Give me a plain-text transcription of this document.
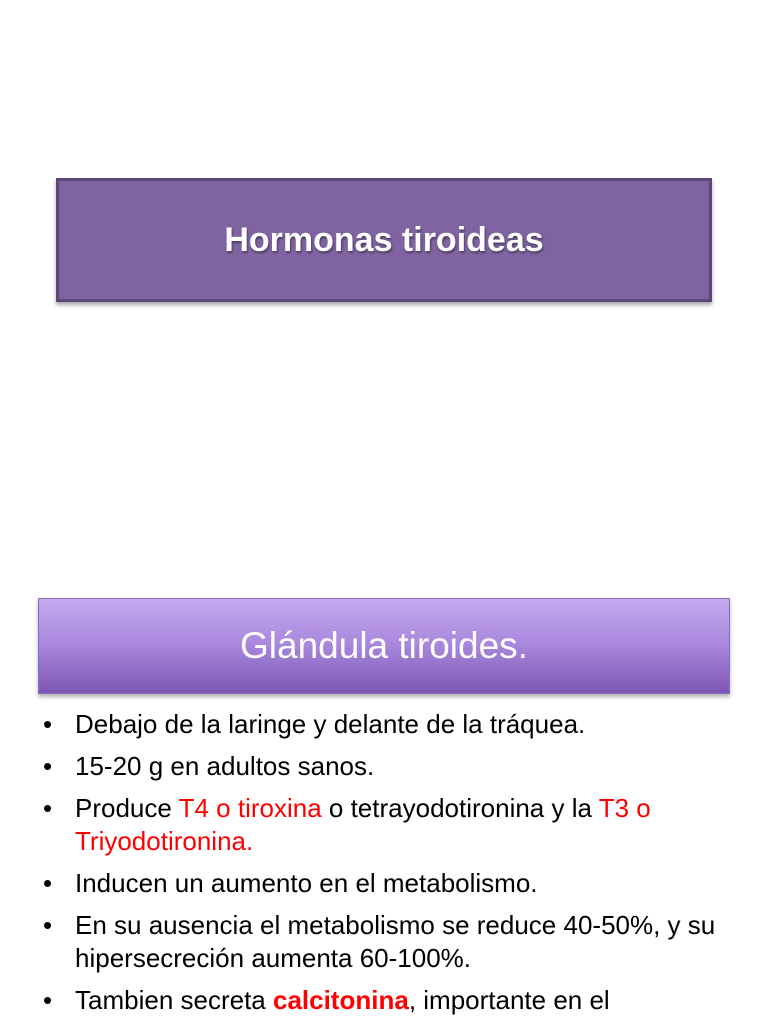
Hormonas tiroideas
Glándula tiroides.
• Debajo de la laringe y delante de la tráquea.
• 15-20 g en adultos sanos.
• Produce T4 o tiroxina o tetrayodotironina y la T3 o Triyodotironina.
• Inducen un aumento en el metabolismo.
• En su ausencia el metabolismo se reduce 40-50%, y su hipersecreción aumenta 60-100%.
• Tambien secreta calcitonina, importante en el
